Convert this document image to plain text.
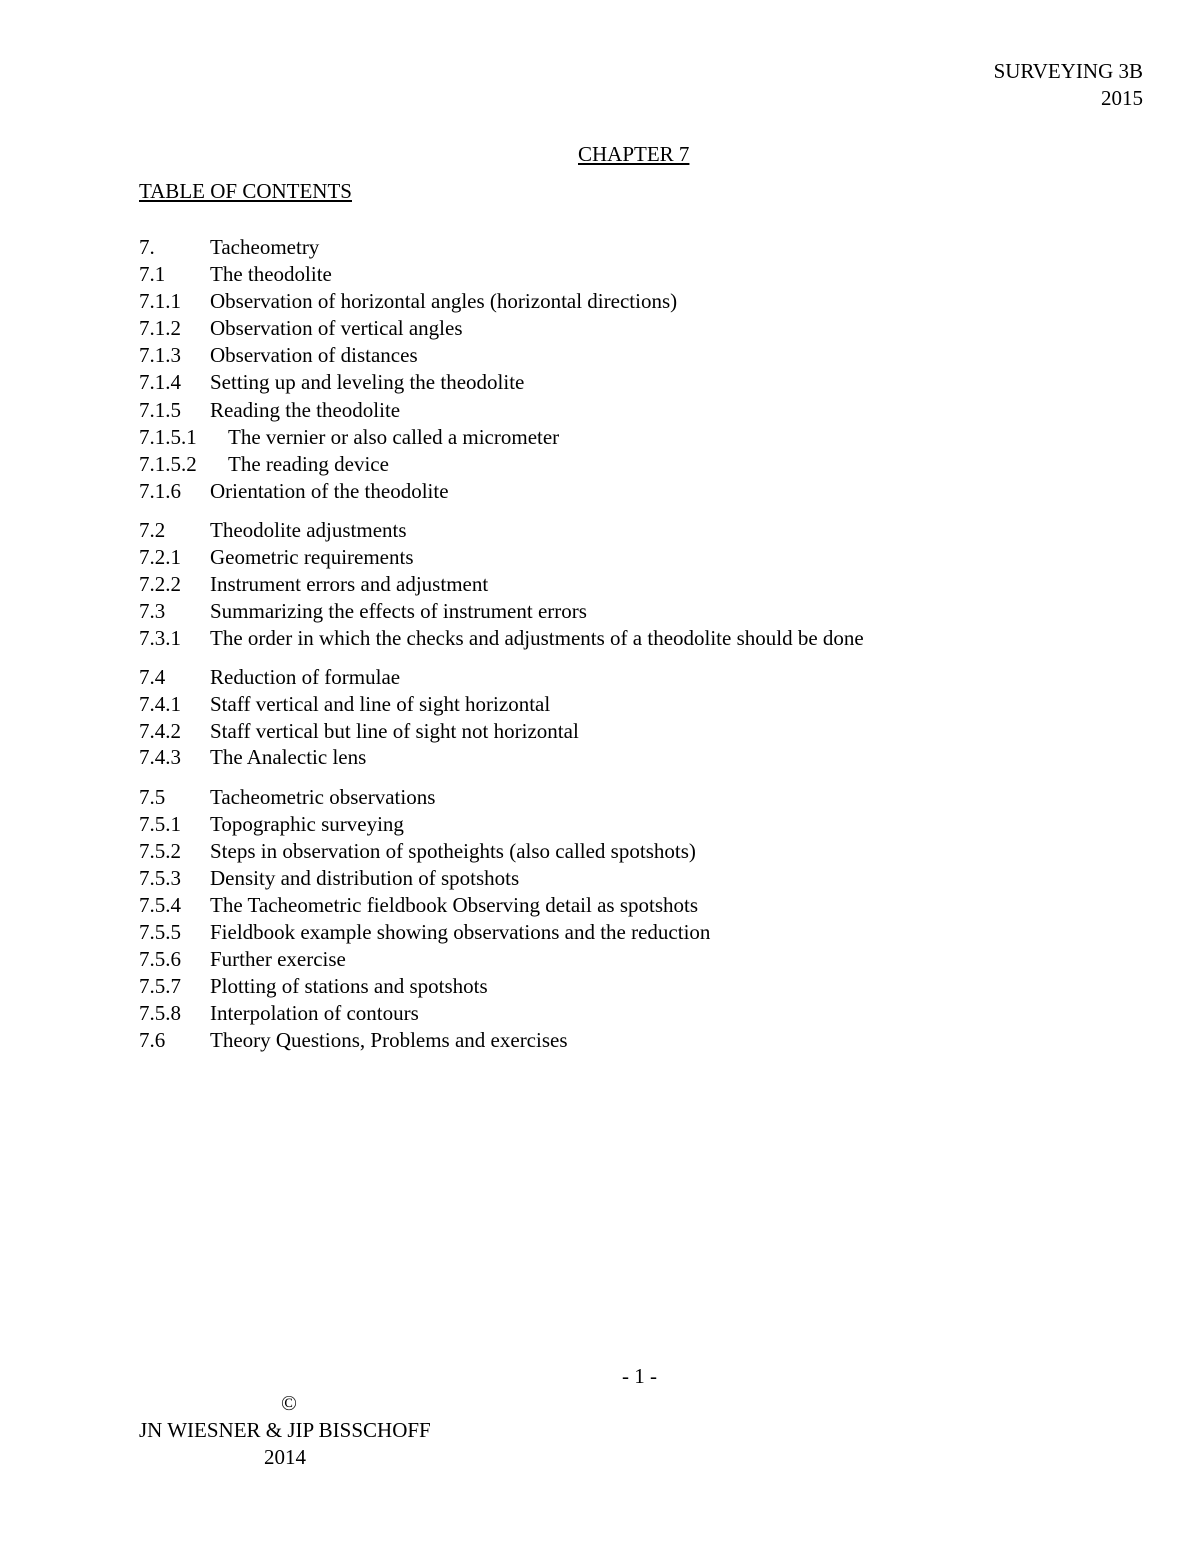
SURVEYING 3B
2015
CHAPTER 7
TABLE OF CONTENTS
7.	Tacheometry
7.1 The theodolite
7.1.1 Observation of horizontal angles (horizontal directions)
7.1.2 Observation of vertical angles
7.1.3 Observation of distances
7.1.4 Setting up and leveling the theodolite
7.1.5 Reading the theodolite
7.1.5.1 The vernier or also called a micrometer
7.1.5.2 The reading device
7.1.6 Orientation of the theodolite
7.2 Theodolite adjustments
7.2.1 Geometric requirements
7.2.2 Instrument errors and adjustment
7.3 Summarizing the effects of instrument errors
7.3.1 The order in which the checks and adjustments of a theodolite should be done
7.4 Reduction of formulae
7.4.1 Staff vertical and line of sight horizontal
7.4.2 Staff vertical but line of sight not horizontal
7.4.3 The Analectic lens
7.5 Tacheometric observations
7.5.1 Topographic surveying
7.5.2 Steps in observation of spotheights (also called spotshots)
7.5.3 Density and distribution of spotshots
7.5.4 The Tacheometric fieldbook Observing detail as spotshots
7.5.5 Fieldbook example showing observations and the reduction
7.5.6 Further exercise
7.5.7 Plotting of stations and spotshots
7.5.8 Interpolation of contours
7.6 Theory Questions, Problems and exercises
- 1 -
©
JN WIESNER & JIP BISSCHOFF
2014
